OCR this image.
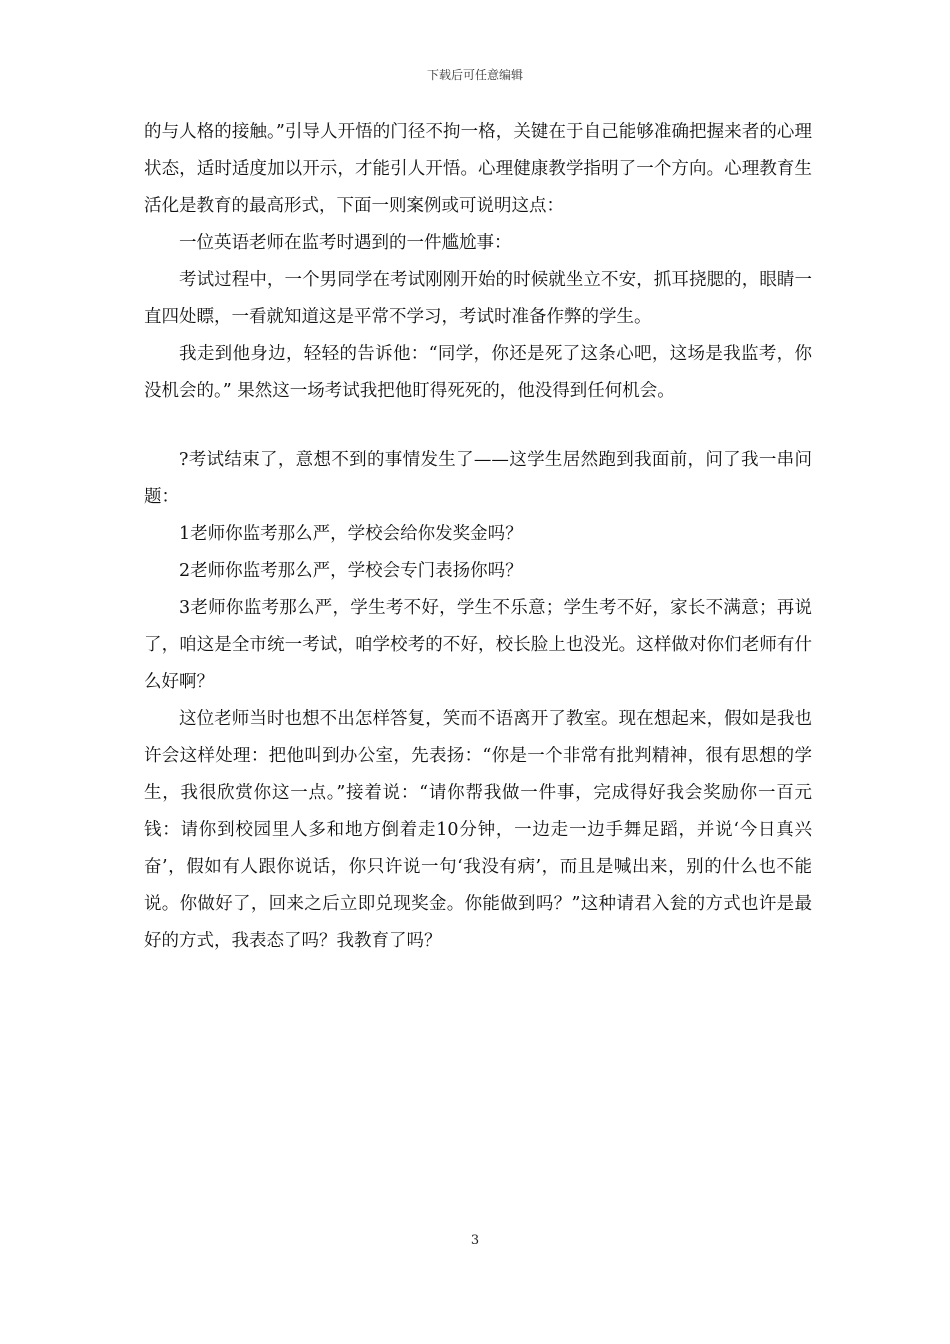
下载后可任意编辑

的与人格的接触。”引导人开悟的门径不拘一格，关键在于自己能够准确把握来者的心理状态，适时适度加以开示，才能引人开悟。心理健康教学指明了一个方向。心理教育生活化是教育的最高形式，下面一则案例或可说明这点：

一位英语老师在监考时遇到的一件尴尬事：

考试过程中，一个男同学在考试刚刚开始的时候就坐立不安，抓耳挠腮的，眼睛一直四处瞟，一看就知道这是平常不学习，考试时准备作弊的学生。

我走到他身边，轻轻的告诉他：“同学，你还是死了这条心吧，这场是我监考，你没机会的。” 果然这一场考试我把他盯得死死的，他没得到任何机会。

?考试结束了，意想不到的事情发生了——这学生居然跑到我面前，问了我一串问题：

1老师你监考那么严，学校会给你发奖金吗？

2老师你监考那么严，学校会专门表扬你吗？

3老师你监考那么严，学生考不好，学生不乐意；学生考不好，家长不满意；再说了，咱这是全市统一考试，咱学校考的不好，校长脸上也没光。这样做对你们老师有什么好啊？

这位老师当时也想不出怎样答复，笑而不语离开了教室。现在想起来，假如是我也许会这样处理：把他叫到办公室，先表扬：“你是一个非常有批判精神，很有思想的学生，我很欣赏你这一点。”接着说：“请你帮我做一件事，完成得好我会奖励你一百元钱：请你到校园里人多和地方倒着走10分钟，一边走一边手舞足蹈，并说‘今日真兴奋’，假如有人跟你说话，你只许说一句‘我没有病’，而且是喊出来，别的什么也不能说。你做好了，回来之后立即兑现奖金。你能做到吗？”这种请君入瓮的方式也许是最好的方式，我表态了吗？我教育了吗？

3
